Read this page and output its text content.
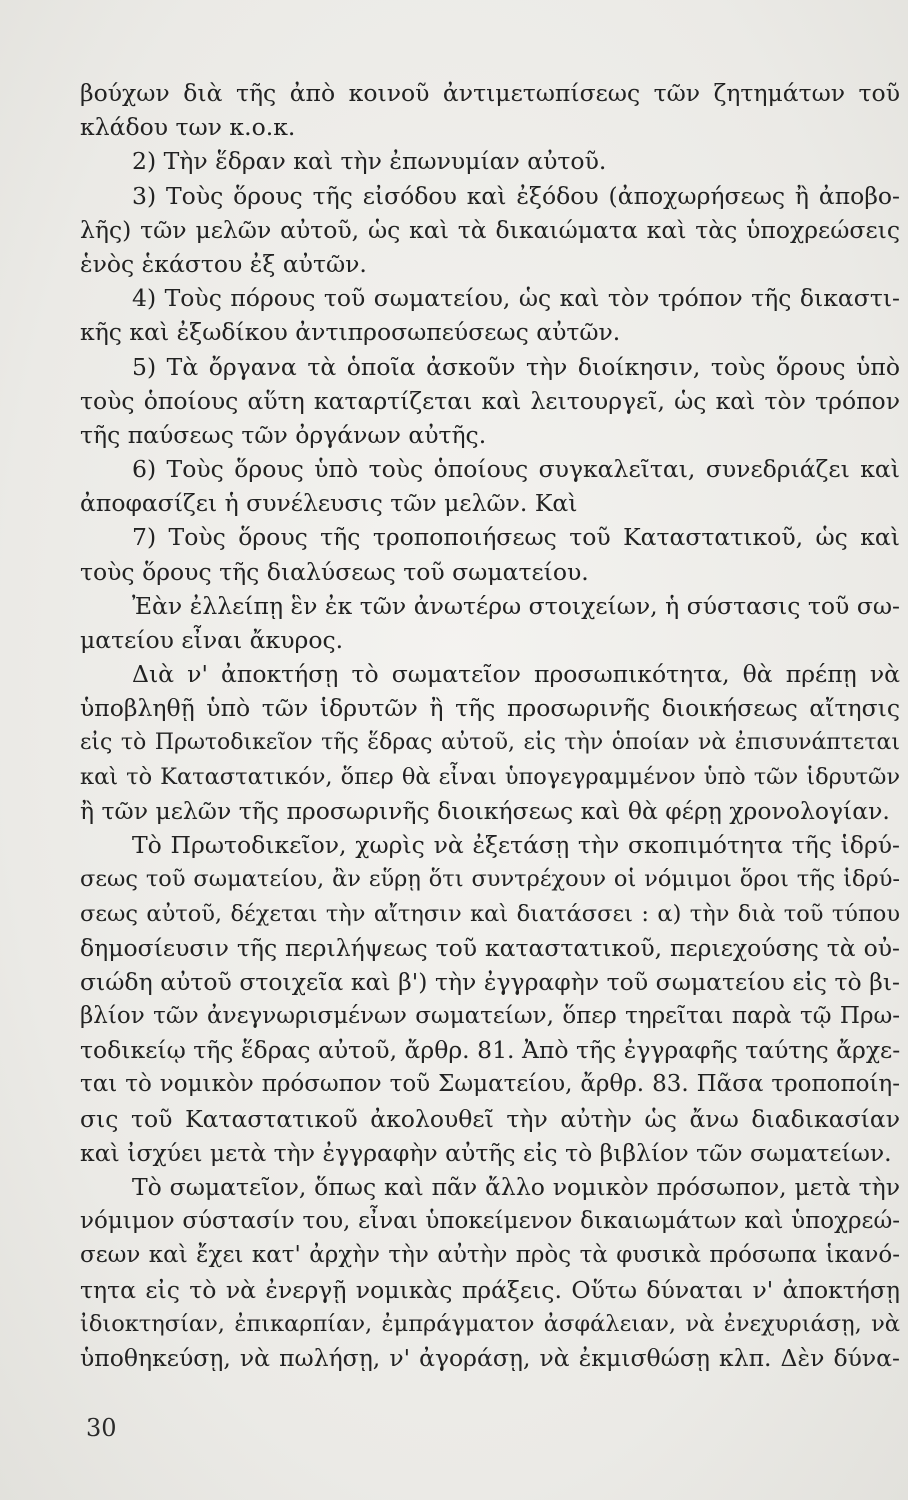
βούχων διὰ τῆς ἀπὸ κοινοῦ ἀντιμετωπίσεως τῶν ζητημάτων τοῦ
κλάδου των κ.ο.κ.
2) Τὴν ἕδραν καὶ τὴν ἐπωνυμίαν αὐτοῦ.
3) Τοὺς ὅρους τῆς εἰσόδου καὶ ἐξόδου (ἀποχωρήσεως ἢ ἀποβο-
λῆς) τῶν μελῶν αὐτοῦ, ὡς καὶ τὰ δικαιώματα καὶ τὰς ὑποχρεώσεις
ἑνὸς ἑκάστου ἐξ αὐτῶν.
4) Τοὺς πόρους τοῦ σωματείου, ὡς καὶ τὸν τρόπον τῆς δικαστι-
κῆς καὶ ἐξωδίκου ἀντιπροσωπεύσεως αὐτῶν.
5) Τὰ ὄργανα τὰ ὁποῖα ἀσκοῦν τὴν διοίκησιν, τοὺς ὅρους ὑπὸ
τοὺς ὁποίους αὕτη καταρτίζεται καὶ λειτουργεῖ, ὡς καὶ τὸν τρόπον
τῆς παύσεως τῶν ὀργάνων αὐτῆς.
6) Τοὺς ὅρους ὑπὸ τοὺς ὁποίους συγκαλεῖται, συνεδριάζει καὶ
ἀποφασίζει ἡ συνέλευσις τῶν μελῶν. Καὶ
7) Τοὺς ὅρους τῆς τροποποιήσεως τοῦ Καταστατικοῦ, ὡς καὶ
τοὺς ὅρους τῆς διαλύσεως τοῦ σωματείου.
Ἐὰν ἐλλείπῃ ἓν ἐκ τῶν ἀνωτέρω στοιχείων, ἡ σύστασις τοῦ σω-
ματείου εἶναι ἄκυρος.
Διὰ ν' ἀποκτήσῃ τὸ σωματεῖον προσωπικότητα, θὰ πρέπῃ νὰ
ὑποβληθῇ ὑπὸ τῶν ἱδρυτῶν ἢ τῆς προσωρινῆς διοικήσεως αἴτησις
εἰς τὸ Πρωτοδικεῖον τῆς ἕδρας αὐτοῦ, εἰς τὴν ὁποίαν νὰ ἐπισυνάπτεται
καὶ τὸ Καταστατικόν, ὅπερ θὰ εἶναι ὑπογεγραμμένον ὑπὸ τῶν ἱδρυτῶν
ἢ τῶν μελῶν τῆς προσωρινῆς διοικήσεως καὶ θὰ φέρῃ χρονολογίαν.
Τὸ Πρωτοδικεῖον, χωρὶς νὰ ἐξετάσῃ τὴν σκοπιμότητα τῆς ἱδρύ-
σεως τοῦ σωματείου, ἂν εὕρῃ ὅτι συντρέχουν οἱ νόμιμοι ὅροι τῆς ἱδρύ-
σεως αὐτοῦ, δέχεται τὴν αἴτησιν καὶ διατάσσει : α) τὴν διὰ τοῦ τύπου
δημοσίευσιν τῆς περιλήψεως τοῦ καταστατικοῦ, περιεχούσης τὰ οὐ-
σιώδη αὐτοῦ στοιχεῖα καὶ β') τὴν ἐγγραφὴν τοῦ σωματείου εἰς τὸ βι-
βλίον τῶν ἀνεγνωρισμένων σωματείων, ὅπερ τηρεῖται παρὰ τῷ Πρω-
τοδικείῳ τῆς ἕδρας αὐτοῦ, ἄρθρ. 81. Ἀπὸ τῆς ἐγγραφῆς ταύτης ἄρχε-
ται τὸ νομικὸν πρόσωπον τοῦ Σωματείου, ἄρθρ. 83. Πᾶσα τροποποίη-
σις τοῦ Καταστατικοῦ ἀκολουθεῖ τὴν αὐτὴν ὡς ἄνω διαδικασίαν
καὶ ἰσχύει μετὰ τὴν ἐγγραφὴν αὐτῆς εἰς τὸ βιβλίον τῶν σωματείων.
Τὸ σωματεῖον, ὅπως καὶ πᾶν ἄλλο νομικὸν πρόσωπον, μετὰ τὴν
νόμιμον σύστασίν του, εἶναι ὑποκείμενον δικαιωμάτων καὶ ὑποχρεώ-
σεων καὶ ἔχει κατ' ἀρχὴν τὴν αὐτὴν πρὸς τὰ φυσικὰ πρόσωπα ἱκανό-
τητα εἰς τὸ νὰ ἐνεργῇ νομικὰς πράξεις. Οὕτω δύναται ν' ἀποκτήσῃ
ἰδιοκτησίαν, ἐπικαρπίαν, ἐμπράγματον ἀσφάλειαν, νὰ ἐνεχυριάσῃ, νὰ
ὑποθηκεύσῃ, νὰ πωλήσῃ, ν' ἀγοράσῃ, νὰ ἐκμισθώσῃ κλπ. Δὲν δύνα-
30
